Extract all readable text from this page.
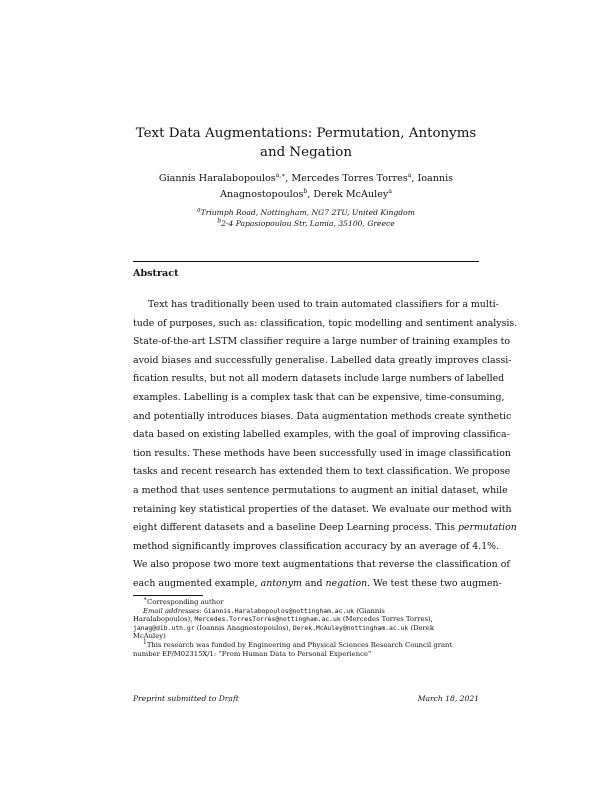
Text Data Augmentations: Permutation, Antonyms
and Negation
Giannis Haralabopoulos$^{a,∗}$, Mercedes Torres Torres$^a$, Ioannis
Anagnostopoulos$^b$, Derek McAuley$^a$
$^a$Triumph Road, Nottingham, NG7 2TU, United Kingdom
$^b$2-4 Papasiopoulou Str, Lamia, 35100, Greece
Abstract
Text has traditionally been used to train automated classifiers for a multi-
tude of purposes, such as: classification, topic modelling and sentiment analysis.
State-of-the-art LSTM classifier require a large number of training examples to
avoid biases and successfully generalise. Labelled data greatly improves classi-
fication results, but not all modern datasets include large numbers of labelled
examples. Labelling is a complex task that can be expensive, time-consuming,
and potentially introduces biases. Data augmentation methods create synthetic
data based on existing labelled examples, with the goal of improving classifica-
tion results. These methods have been successfully used in image classification
tasks and recent research has extended them to text classification. We propose
a method that uses sentence permutations to augment an initial dataset, while
retaining key statistical properties of the dataset. We evaluate our method with
eight different datasets and a baseline Deep Learning process. This permutation
method significantly improves classification accuracy by an average of 4.1%.
We also propose two more text augmentations that reverse the classification of
each augmented example, antonym and negation. We test these two augmen-
∗Corresponding author
Email addresses: Giannis.Haralabopoulos@nottingham.ac.uk (Giannis
Haralabopoulos), Mercedes.TorresTorres@nottingham.ac.uk (Mercedes Torres Torres),
janag@dib.uth.gr (Ioannis Anagnostopoulos), Derek.McAuley@nottingham.ac.uk (Derek
McAuley)
$^1$This research was funded by Engineering and Physical Sciences Research Council grant
number EP/M02315X/1: “From Human Data to Personal Experience”
Preprint submitted to Draft	March 18, 2021
